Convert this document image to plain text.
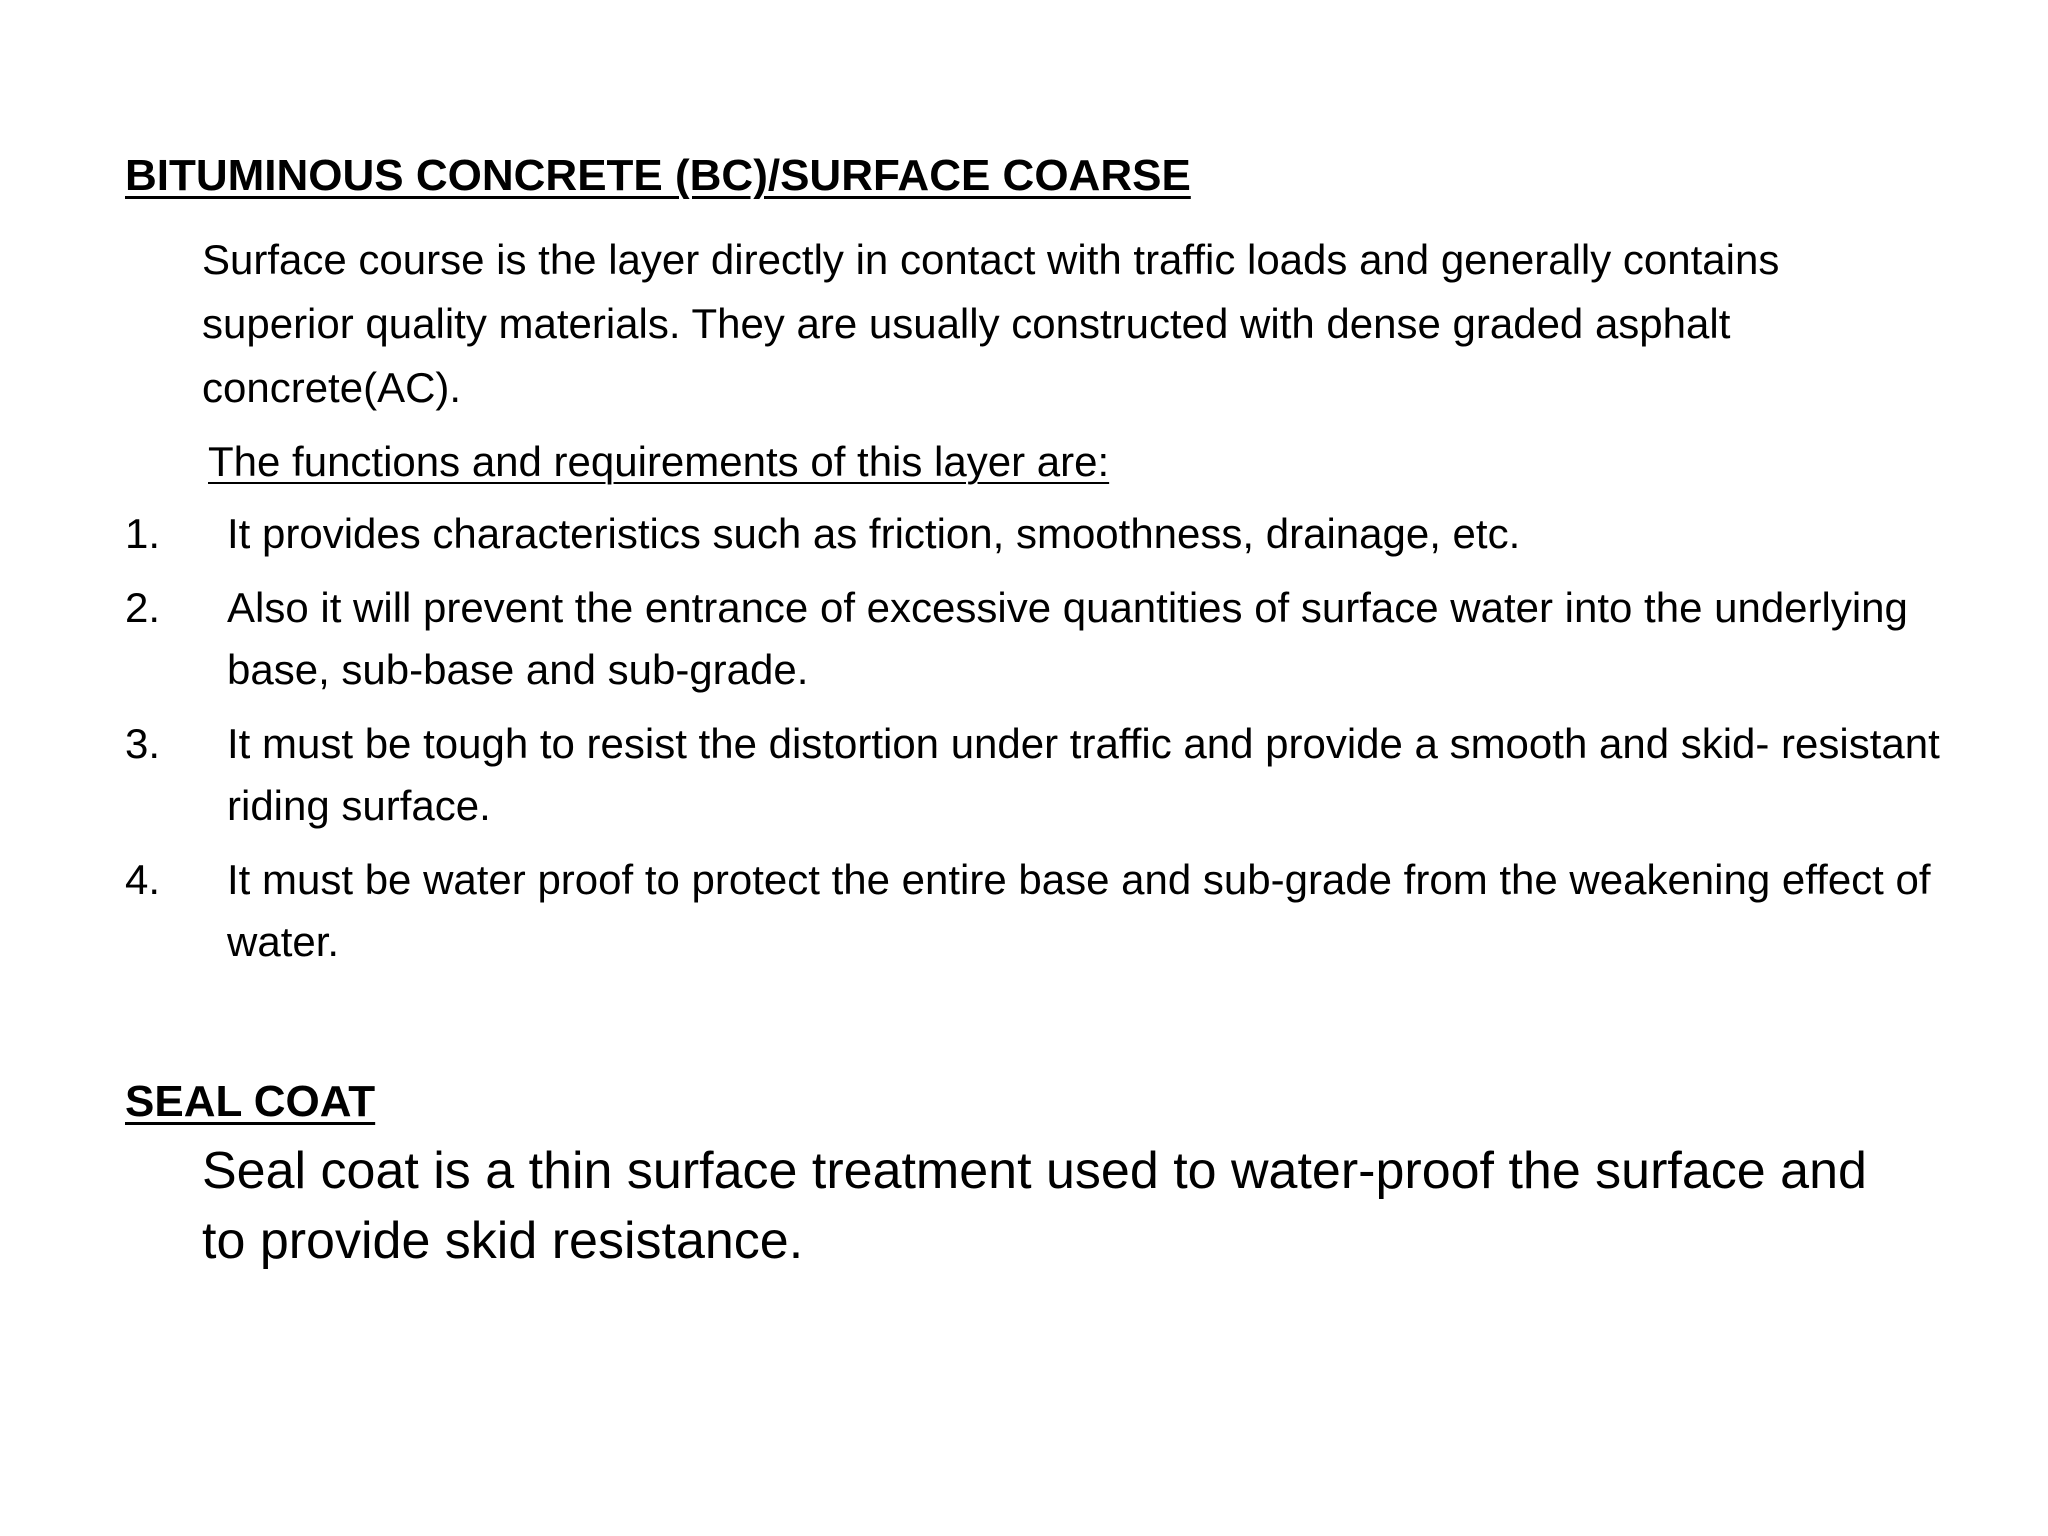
BITUMINOUS CONCRETE (BC)/SURFACE COARSE
Surface course is the layer directly in contact with traffic loads and generally contains superior quality materials. They are usually constructed with dense graded asphalt concrete(AC).
The functions and requirements of this layer are:
1.	It provides characteristics such as friction, smoothness, drainage, etc.
2.	Also it will prevent the entrance of excessive quantities of surface water into the underlying base, sub-base and sub-grade.
3.	It must be tough to resist the distortion under traffic and provide a smooth and skid- resistant riding surface.
4.	It must be water proof to protect the entire base and sub-grade from the weakening effect of water.
SEAL COAT
Seal coat is a thin surface treatment used to water-proof the surface and to provide skid resistance.
